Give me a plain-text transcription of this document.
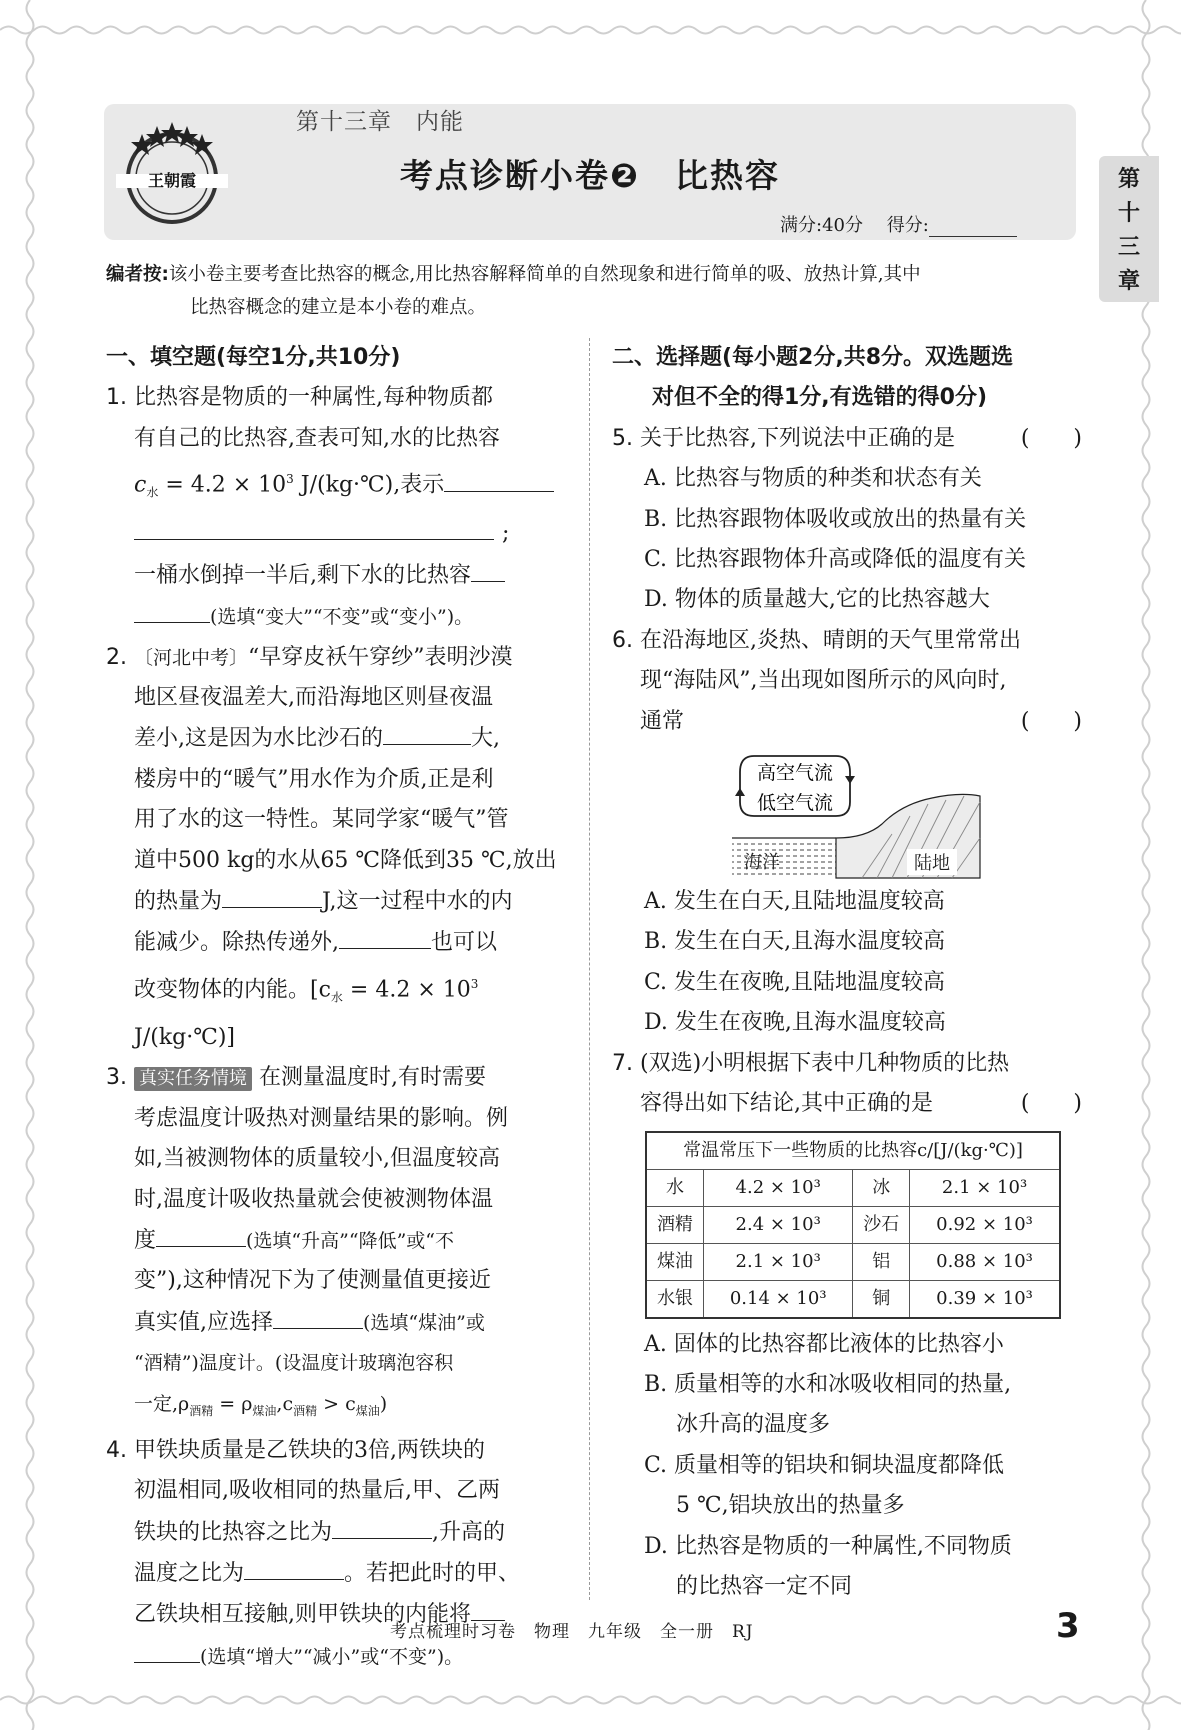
王朝霞
第十三章　内能
考点诊断小卷❷　比热容
满分:40分　 得分:
第
十
三
章
编者按:该小卷主要考查比热容的概念,用比热容解释简单的自然现象和进行简单的吸、放热计算,其中
比热容概念的建立是本小卷的难点。
一、填空题(每空1分,共10分)
1. 比热容是物质的一种属性,每种物质都
有自己的比热容,查表可知,水的比热容
$c_水 = 4.2 \times 10^3$ J/(kg·℃),表示
;
一桶水倒掉一半后,剩下水的比热容
(选填“变大”“不变”或“变小”)。
2. 〔河北中考〕“早穿皮袄午穿纱”表明沙漠
地区昼夜温差大,而沿海地区则昼夜温
差小,这是因为水比沙石的	大,
楼房中的“暖气”用水作为介质,正是利
用了水的这一特性。某同学家“暖气”管
道中500 kg的水从65 ℃降低到35 ℃,放出
的热量为	J,这一过程中水的内
能减少。除热传递外,	也可以
改变物体的内能。[$c_水 = 4.2 \times 10^3$ J/(kg·℃)]
3. 真实任务情境 在测量温度时,有时需要
考虑温度计吸热对测量结果的影响。例
如,当被测物体的质量较小,但温度较高
时,温度计吸收热量就会使被测物体温
度	(选填“升高”“降低”或“不
变”),这种情况下为了使测量值更接近
真实值,应选择	(选填“煤油”或
“酒精”)温度计。(设温度计玻璃泡容积
一定$,\rho_{酒精} = \rho_{煤油},c_{酒精} > c_{煤油}$)
4. 甲铁块质量是乙铁块的3倍,两铁块的
初温相同,吸收相同的热量后,甲、乙两
铁块的比热容之比为	,升高的
温度之比为	。若把此时的甲、
乙铁块相互接触,则甲铁块的内能将
(选填“增大”“减小”或“不变”)。
二、选择题(每小题2分,共8分。双选题选
对但不全的得1分,有选错的得0分)
5. 关于比热容,下列说法中正确的是	(　　)
A. 比热容与物质的种类和状态有关
B. 比热容跟物体吸收或放出的热量有关
C. 比热容跟物体升高或降低的温度有关
D. 物体的质量越大,它的比热容越大
6. 在沿海地区,炎热、晴朗的天气里常常出
现“海陆风”,当出现如图所示的风向时,
通常	(　　)
高空气流
低空气流
海洋	陆地
A. 发生在白天,且陆地温度较高
B. 发生在白天,且海水温度较高
C. 发生在夜晚,且陆地温度较高
D. 发生在夜晚,且海水温度较高
7. (双选)小明根据下表中几种物质的比热
容得出如下结论,其中正确的是	(　　)
常温常压下一些物质的比热容c/[J/(kg·℃)]			
水	4.2 × 10³	冰	2.1 × 10³
酒精	2.4 × 10³	沙石	0.92 × 10³
煤油	2.1 × 10³	铝	0.88 × 10³
水银	0.14 × 10³	铜	0.39 × 10³
A. 固体的比热容都比液体的比热容小
B. 质量相等的水和冰吸收相同的热量,
冰升高的温度多
C. 质量相等的铝块和铜块温度都降低
5 ℃,铝块放出的热量多
D. 比热容是物质的一种属性,不同物质
的比热容一定不同
考点梳理时习卷　物理　九年级　全一册　RJ	3
